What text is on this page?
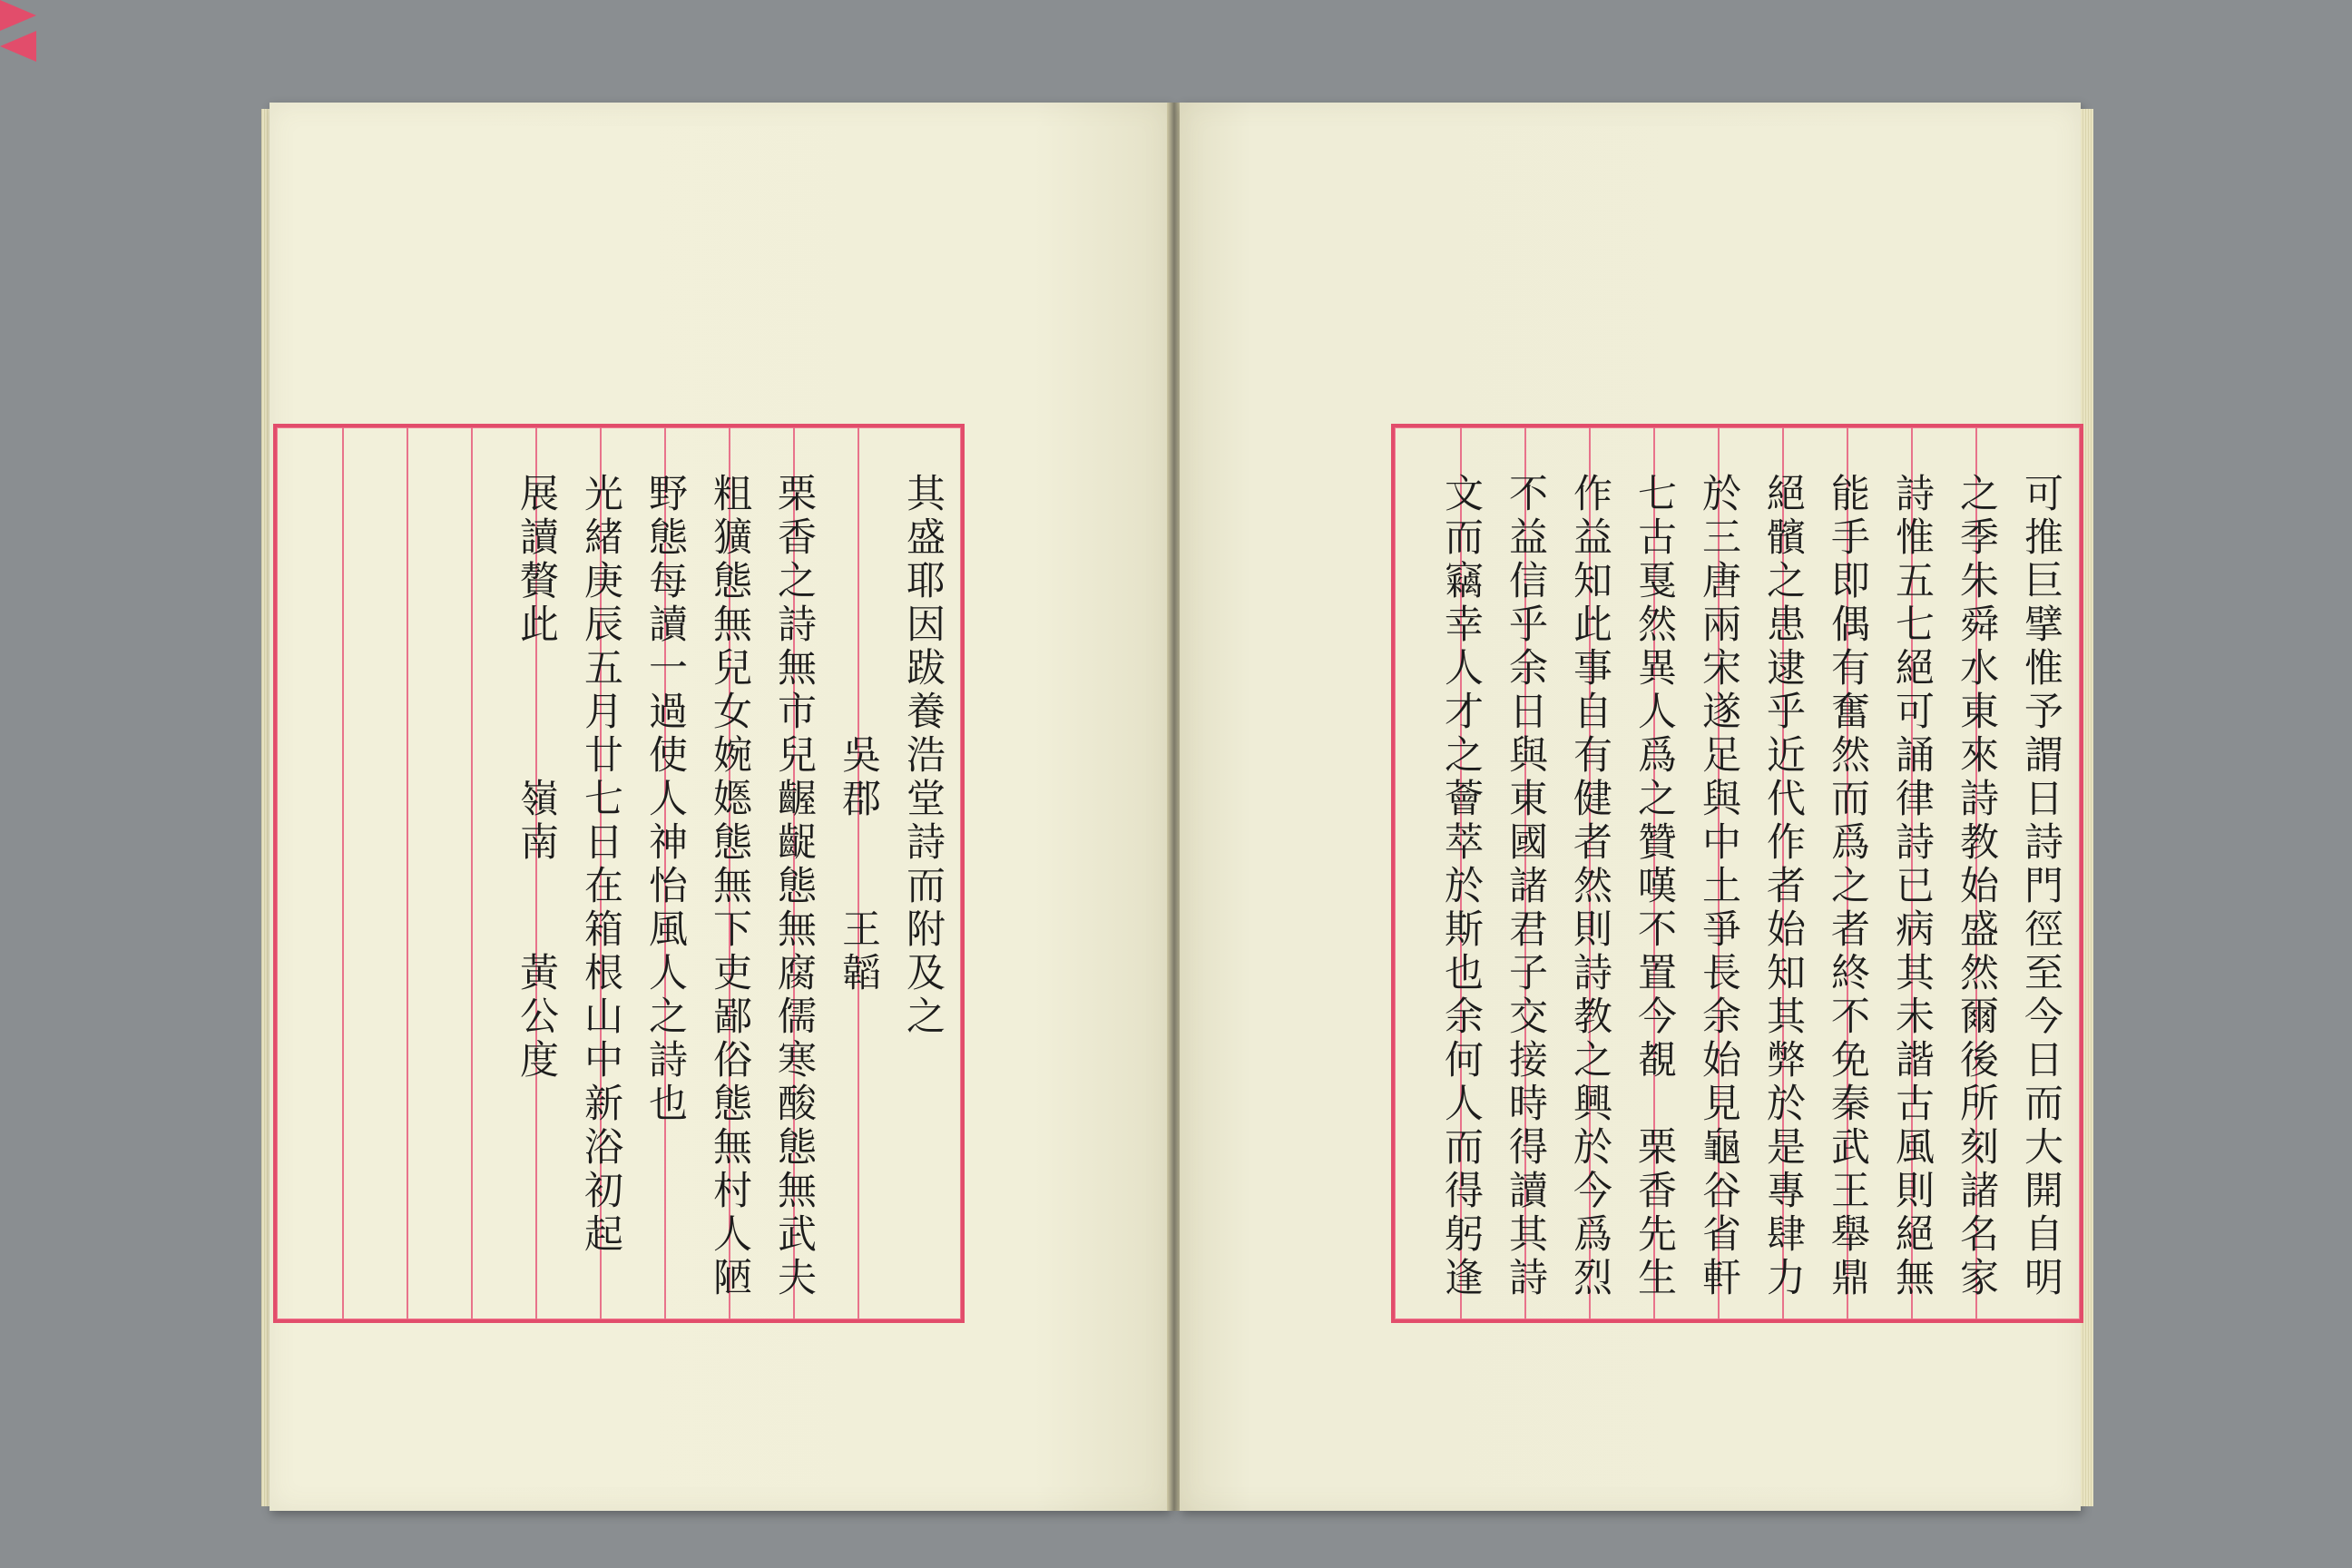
其盛耶因跋養浩堂詩而附及之
　　　　　　吳郡　　王韜
栗香之詩無市兒齷齪態無腐儒寒酸態無武夫
粗獷態無兒女婉嫕態無下吏鄙俗態無村人陋
野態每讀一過使人神怡風人之詩也
光緒庚辰五月廿七日在箱根山中新浴初起
展讀贅此　　　嶺南　　黃公度	可推巨擘惟予謂日詩門徑至今日而大開自明
之季朱舜水東來詩教始盛然爾後所刻諸名家
詩惟五七絕可誦律詩已病其未諧古風則絕無
能手即偶有奮然而爲之者終不免秦武王舉鼎
絕髕之患逮乎近代作者始知其弊於是專肆力
於三唐兩宋遂足與中土爭長余始見龜谷省軒
七古戛然異人爲之贊嘆不置今覩　栗香先生
作益知此事自有健者然則詩教之興於今爲烈
不益信乎余日與東國諸君子交接時得讀其詩
文而竊幸人才之薈萃於斯也余何人而得躬逢
